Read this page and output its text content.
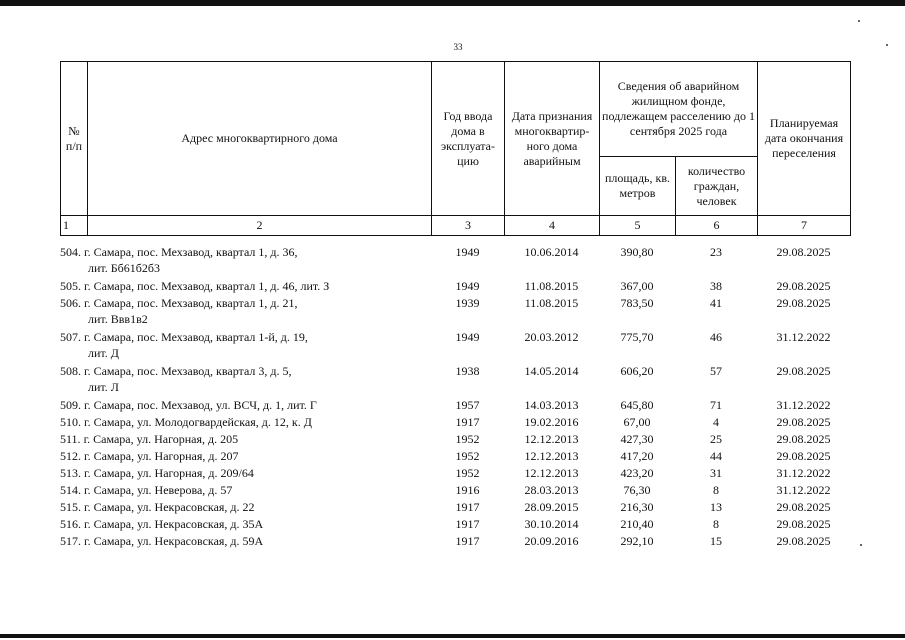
33
№ п/п	Адрес многоквартирного дома	Год ввода дома в эксплуата-цию	Дата признания многоквартир-ного дома аварийным	Сведения об аварийном жилищном фонде, подлежащем расселению до 1 сентября 2025 года		Планируемая дата окончания переселения
				площадь, кв. метров	количество граждан, человек	
1	2	3	4	5	6	7
504. г. Самара, пос. Мехзавод, квартал 1, д. 36,
лит. Бб61б2б3	1949	10.06.2014	390,80	23	29.08.2025
505. г. Самара, пос. Мехзавод, квартал 1, д. 46, лит. З	1949	11.08.2015	367,00	38	29.08.2025
506. г. Самара, пос. Мехзавод, квартал 1, д. 21,
лит. Ввв1в2	1939	11.08.2015	783,50	41	29.08.2025
507. г. Самара, пос. Мехзавод, квартал 1-й, д. 19,
лит. Д	1949	20.03.2012	775,70	46	31.12.2022
508. г. Самара, пос. Мехзавод, квартал 3, д. 5,
лит. Л	1938	14.05.2014	606,20	57	29.08.2025
509. г. Самара, пос. Мехзавод, ул. ВСЧ, д. 1, лит. Г	1957	14.03.2013	645,80	71	31.12.2022
510. г. Самара, ул. Молодогвардейская, д. 12, к. Д	1917	19.02.2016	67,00	4	29.08.2025
511. г. Самара, ул. Нагорная, д. 205	1952	12.12.2013	427,30	25	29.08.2025
512. г. Самара, ул. Нагорная, д. 207	1952	12.12.2013	417,20	44	29.08.2025
513. г. Самара, ул. Нагорная, д. 209/64	1952	12.12.2013	423,20	31	31.12.2022
514. г. Самара, ул. Неверова, д. 57	1916	28.03.2013	76,30	8	31.12.2022
515. г. Самара, ул. Некрасовская, д. 22	1917	28.09.2015	216,30	13	29.08.2025
516. г. Самара, ул. Некрасовская, д. 35А	1917	30.10.2014	210,40	8	29.08.2025
517. г. Самара, ул. Некрасовская, д. 59А	1917	20.09.2016	292,10	15	29.08.2025
